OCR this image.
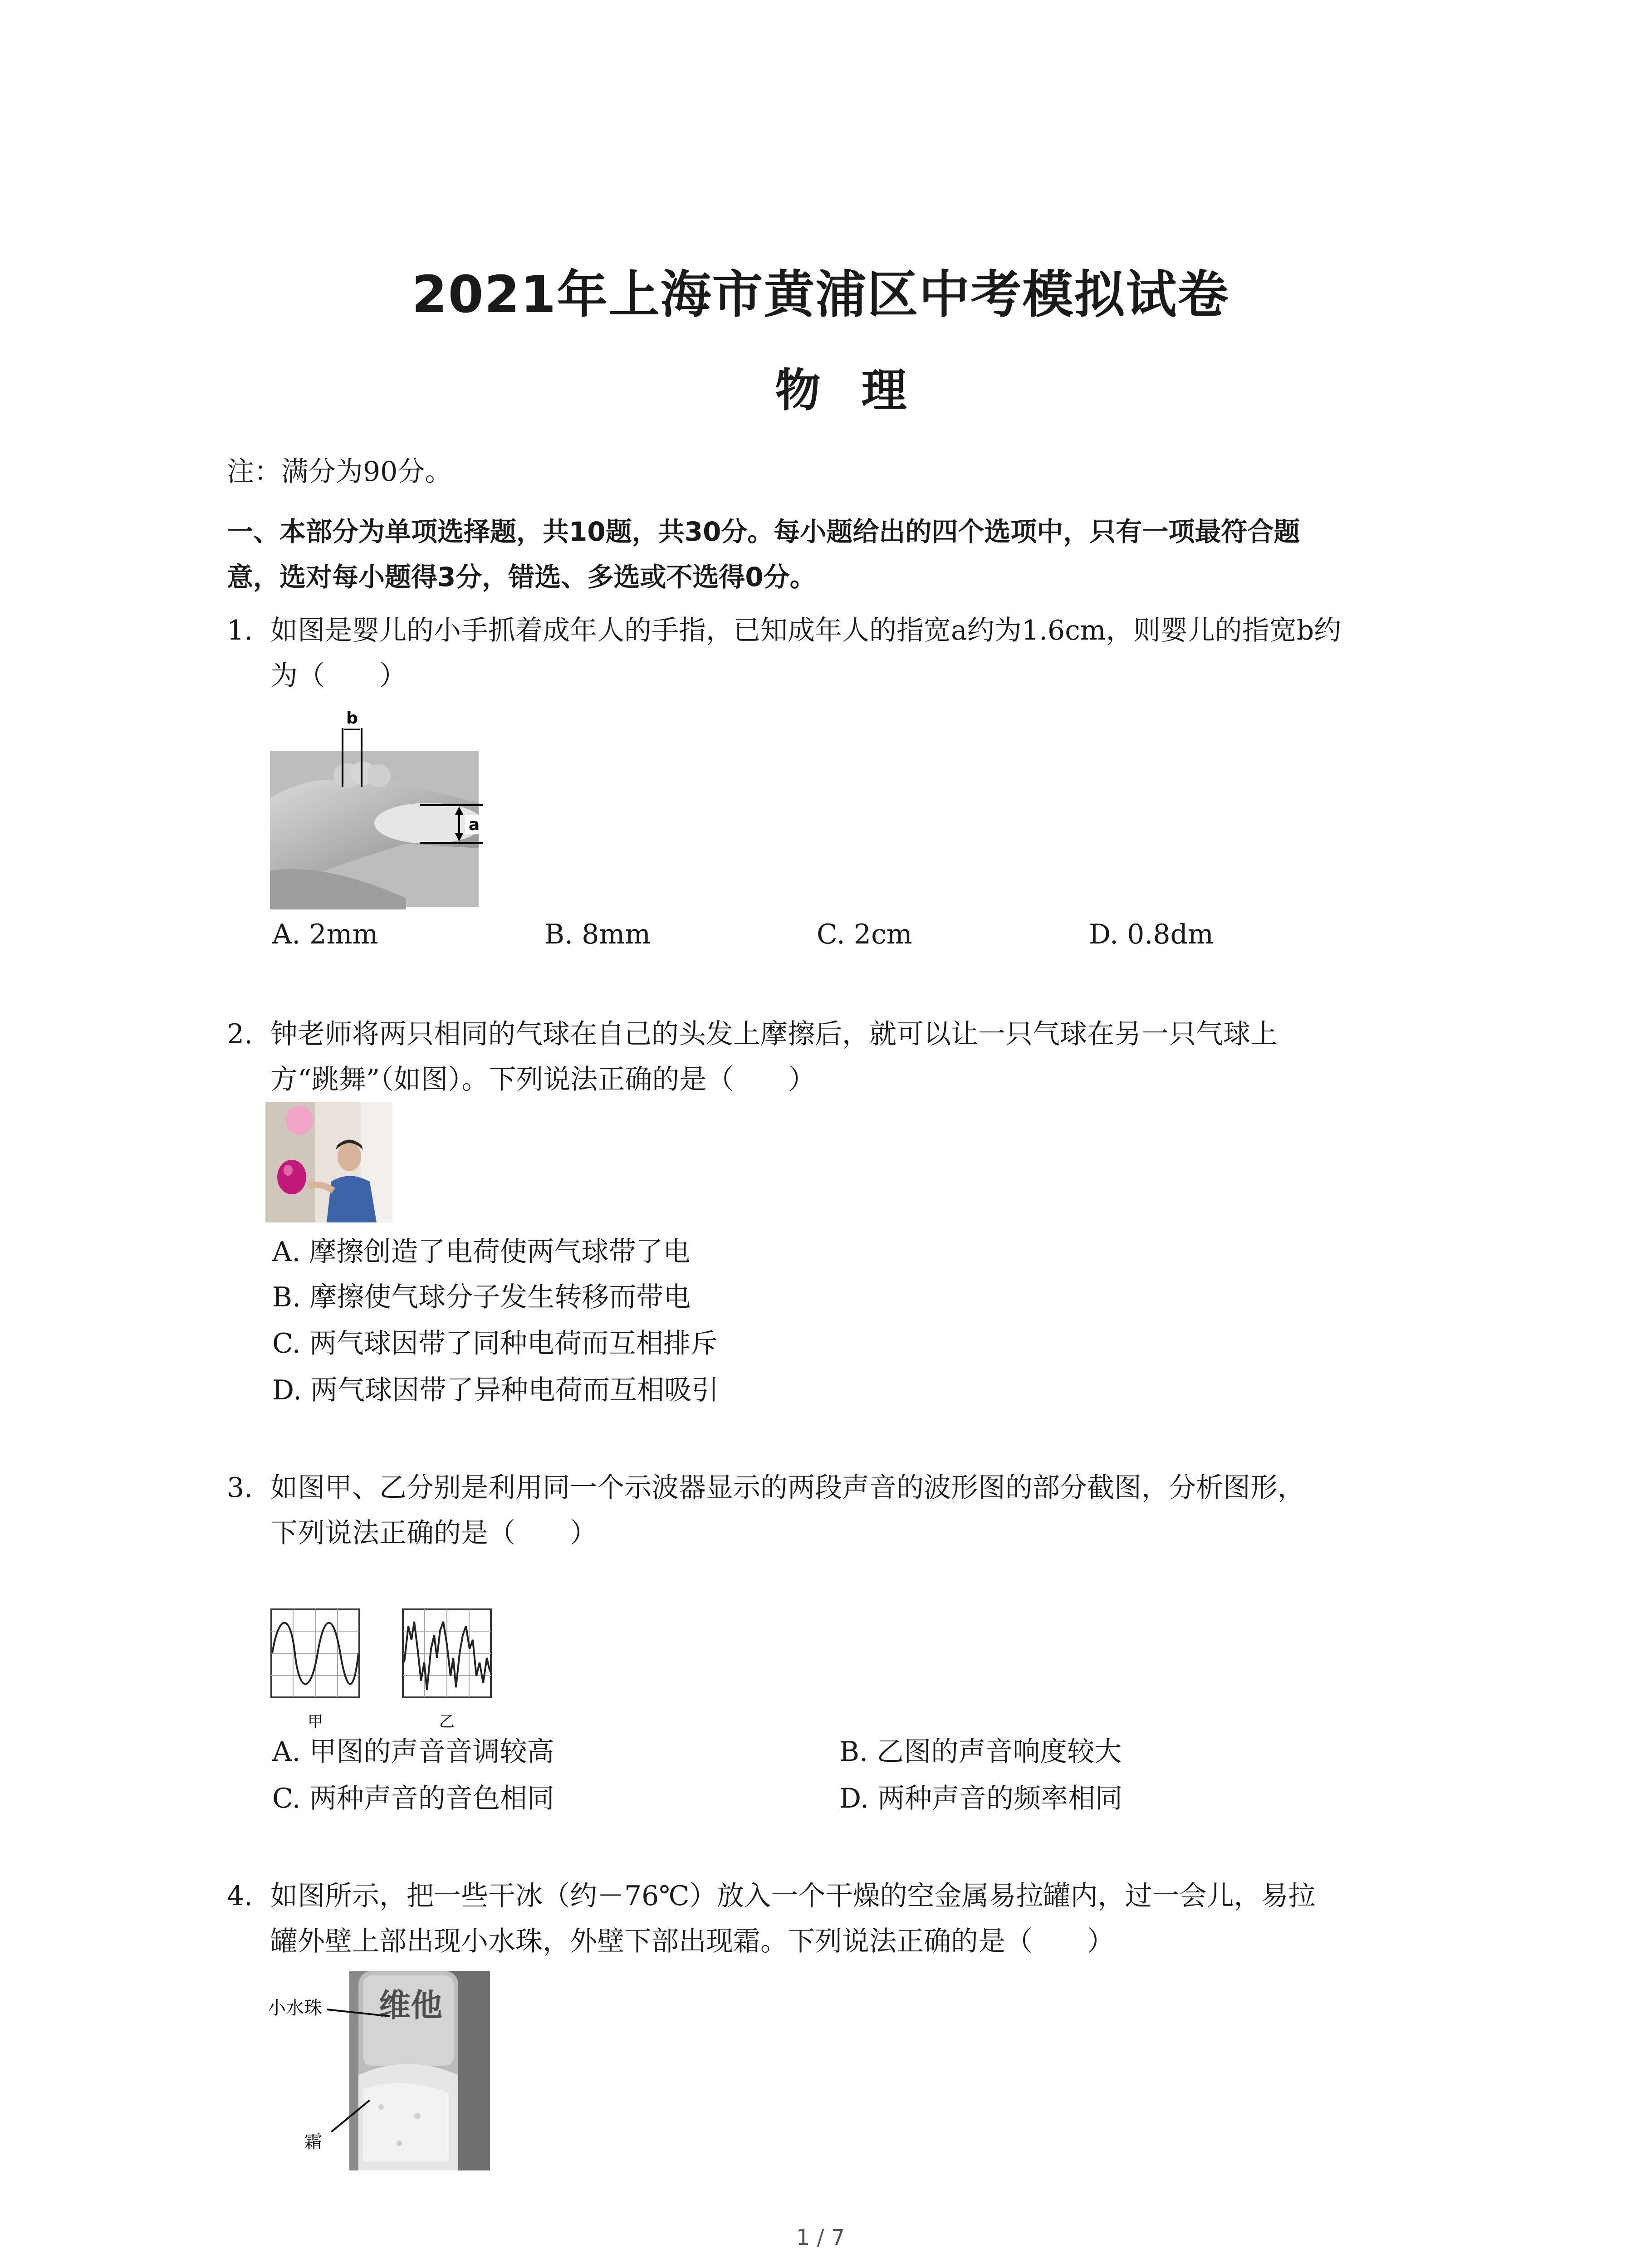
2021年上海市黄浦区中考模拟试卷
物理
注：满分为90分。
一、本部分为单项选择题，共10题，共30分。每小题给出的四个选项中，只有一项最符合题
意，选对每小题得3分，错选、多选或不选得0分。
1. 如图是婴儿的小手抓着成年人的手指，已知成年人的指宽a约为1.6cm，则婴儿的指宽b约
为（　　）
b
a
A. 2mm	B. 8mm	C. 2cm	D. 0.8dm
2. 钟老师将两只相同的气球在自己的头发上摩擦后，就可以让一只气球在另一只气球上
方“跳舞”（如图）。下列说法正确的是（　　）
A. 摩擦创造了电荷使两气球带了电
B. 摩擦使气球分子发生转移而带电
C. 两气球因带了同种电荷而互相排斥
D. 两气球因带了异种电荷而互相吸引
3. 如图甲、乙分别是利用同一个示波器显示的两段声音的波形图的部分截图，分析图形，
下列说法正确的是（　　）
甲	乙
A. 甲图的声音音调较高	B. 乙图的声音响度较大
C. 两种声音的音色相同	D. 两种声音的频率相同
4. 如图所示，把一些干冰（约－76℃）放入一个干燥的空金属易拉罐内，过一会儿，易拉
罐外壁上部出现小水珠，外壁下部出现霜。下列说法正确的是（　　）
维他
小水珠
霜
1 / 7
